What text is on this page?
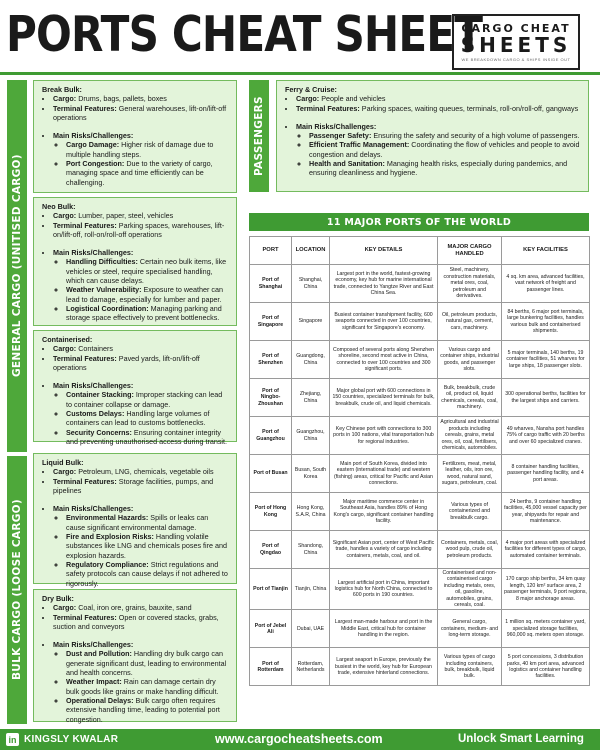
PORTS CHEAT SHEET
CARGO CHEAT
SHEETS
WE BREAKDOWN CARGO & SHIPS INSIDE OUT
GENERAL CARGO (UNITISED CARGO)
BULK CARGO (LOOSE CARGO)
PASSENGERS
Break Bulk:
• Cargo: Drums, bags, pallets, boxes
• Terminal Features: General warehouses, lift-on/lift-off operations
• Main Risks/Challenges:
◦ Cargo Damage: Higher risk of damage due to multiple handling steps.
◦ Port Congestion: Due to the variety of cargo, managing space and time efficiently can be challenging.
Neo Bulk:
• Cargo: Lumber, paper, steel, vehicles
• Terminal Features: Parking spaces, warehouses, lift-on/lift-off, roll-on/roll-off operations
• Main Risks/Challenges:
◦ Handling Difficulties: Certain neo bulk items, like vehicles or steel, require specialised handling, which can cause delays.
◦ Weather Vulnerability: Exposure to weather can lead to damage, especially for lumber and paper.
◦ Logistical Coordination: Managing parking and storage space effectively to prevent bottlenecks.
Containerised:
• Cargo: Containers
• Terminal Features: Paved yards, lift-on/lift-off operations
• Main Risks/Challenges:
◦ Container Stacking: Improper stacking can lead to container collapse or damage.
◦ Customs Delays: Handling large volumes of containers can lead to customs bottlenecks.
◦ Security Concerns: Ensuring container integrity and preventing unauthorised access during transit.
Liquid Bulk:
• Cargo: Petroleum, LNG, chemicals, vegetable oils
• Terminal Features: Storage facilities, pumps, and pipelines
• Main Risks/Challenges:
◦ Environmental Hazards: Spills or leaks can cause significant environmental damage.
◦ Fire and Explosion Risks: Handling volatile substances like LNG and chemicals poses fire and explosion hazards.
◦ Regulatory Compliance: Strict regulations and safety protocols can cause delays if not adhered to rigorously.
Dry Bulk:
• Cargo: Coal, iron ore, grains, bauxite, sand
• Terminal Features: Open or covered stacks, grabs, suction and conveyors
• Main Risks/Challenges:
◦ Dust and Pollution: Handling dry bulk cargo can generate significant dust, leading to environmental and health concerns.
◦ Weather Impact: Rain can damage certain dry bulk goods like grains or make handling difficult.
◦ Operational Delays: Bulk cargo often requires extensive handling time, leading to potential port congestion.
Ferry & Cruise:
• Cargo: People and vehicles
• Terminal Features: Parking spaces, waiting queues, terminals, roll-on/roll-off, gangways
• Main Risks/Challenges:
◦ Passenger Safety: Ensuring the safety and security of a high volume of passengers.
◦ Efficient Traffic Management: Coordinating the flow of vehicles and people to avoid congestion and delays.
◦ Health and Sanitation: Managing health risks, especially during pandemics, and ensuring cleanliness and hygiene.
11 MAJOR PORTS OF THE WORLD
PORT	LOCATION	KEY DETAILS	MAJOR CARGO HANDLED	KEY FACILITIES
Port of Shanghai	Shanghai, China	Largest port in the world, fastest-growing economy, key hub for marine international trade, connected to Yangtze River and East China Sea.	Steel, machinery, construction materials, metal ores, coal, petroleum and derivatives.	4 sq. km area, advanced facilities, vast network of freight and passenger lines.
Port of Singapore	Singapore	Busiest container transhipment facility, 600 seaports connected in over 100 countries, significant for Singapore's economy.	Oil, petroleum products, natural gas, cement, cars, machinery.	84 berths, 6 major port terminals, large bunkering facilities, handles various bulk and containerised shipments.
Port of Shenzhen	Guangdong, China	Composed of several ports along Shenzhen shoreline, second most active in China, connected to over 100 countries and 300 significant ports.	Various cargo and container ships, industrial goods, and passenger slots.	5 major terminals, 140 berths, 19 container facilities, 51 wharves for large ships, 18 passenger slots.
Port of Ningbo-Zhoushan	Zhejiang, China	Major global port with 600 connections in 150 countries, specialized terminals for bulk, breakbulk, crude oil, and liquid chemicals.	Bulk, breakbulk, crude oil, product oil, liquid chemicals, cereals, coal, machinery.	300 operational berths, facilities for the largest ships and carriers.
Port of Guangzhou	Guangzhou, China	Key Chinese port with connections to 300 ports in 100 nations, vital transportation hub for regional industries.	Agricultural and industrial products including cereals, grains, metal ores, oil, coal, fertilisers, chemicals, automobiles.	49 wharves, Nansha port handles 75% of cargo traffic with 20 berths and over 60 specialized cranes.
Port of Busan	Busan, South Korea	Main port of South Korea, divided into eastern (international trade) and western (fishing) areas, critical for Pacific and Asian connections.	Fertilizers, meat, metal, leather, oils, iron ore, wood, natural sand, sugars, petroleum, coal.	8 container handling facilities, passenger handling facility, and 4 port areas.
Port of Hong Kong	Hong Kong, S.A.R, China	Major maritime commerce center in Southeast Asia, handles 89% of Hong Kong's cargo, significant container handling facility.	Various types of containerized and breakbulk cargo.	24 berths, 9 container handling facilities, 45,000 vessel capacity per year, shipyards for repair and maintenance.
Port of Qingdao	Shandong, China	Significant Asian port, center of West Pacific trade, handles a variety of cargo including containers, metals, coal, and oil.	Containers, metals, coal, wood pulp, crude oil, petroleum products.	4 major port areas with specialized facilities for different types of cargo, automated container terminals.
Port of Tianjin	Tianjin, China	Largest artificial port in China, important logistics hub for North China, connected to 600 ports in 190 countries.	Containerised and non-containerised cargo including metals, ores, oil, gasoline, automobiles, grains, cereals, coal.	170 cargo ship berths, 34 km quay length, 120 km² surface area, 2 passenger terminals, 9 port regions, 8 major anchorage areas.
Port of Jebel Ali	Dubai, UAE	Largest man-made harbour and port in the Middle East, critical hub for container handling in the region.	General cargo, containers, medium- and long-term storage.	1 million sq. meters container yard, specialized storage facilities, 960,000 sq. meters open storage.
Port of Rotterdam	Rotterdam, Netherlands	Largest seaport in Europe, previously the busiest in the world, key hub for European trade, extensive hinterland connections.	Various types of cargo including containers, bulk, breakbulk, liquid bulk.	5 port concessions, 3 distribution parks, 40 km port area, advanced logistics and container handling facilities.
in KINGSLY KWALAR	www.cargocheatsheets.com	Unlock Smart Learning
